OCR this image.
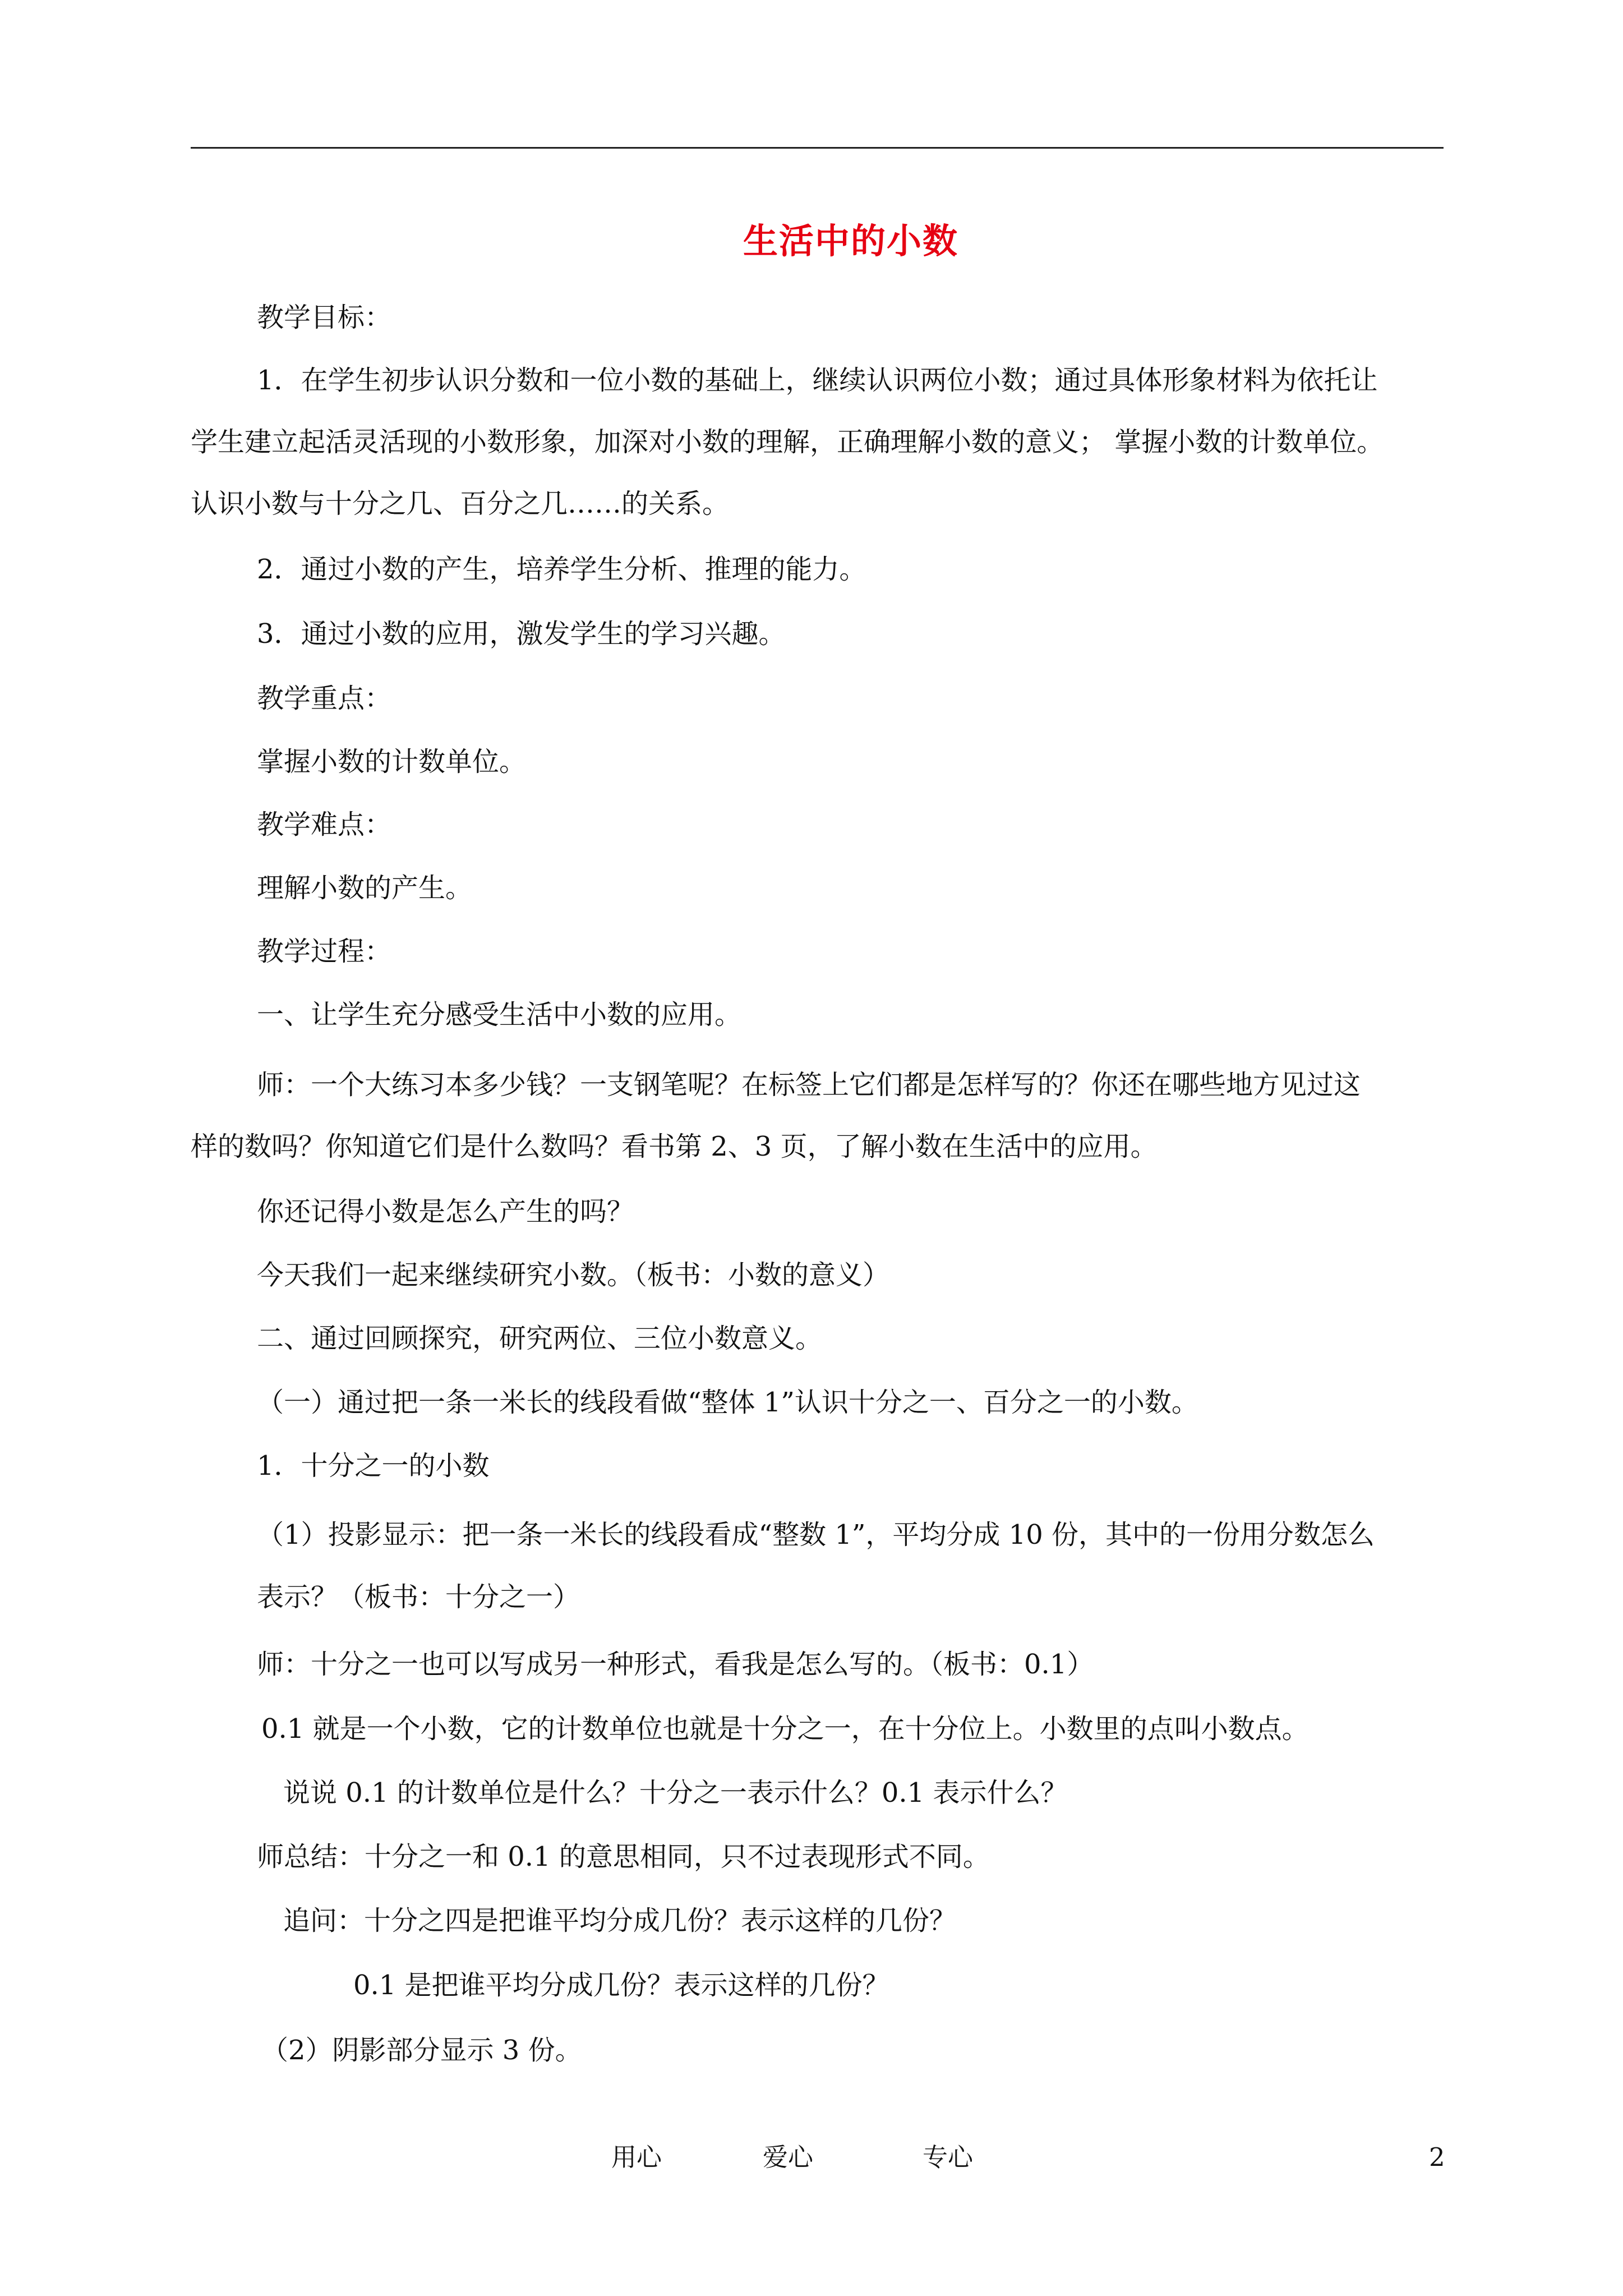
生活中的小数
教学目标：
1．在学生初步认识分数和一位小数的基础上，继续认识两位小数；通过具体形象材料为依托让
学生建立起活灵活现的小数形象，加深对小数的理解，正确理解小数的意义； 掌握小数的计数单位。
认识小数与十分之几、百分之几……的关系。
2．通过小数的产生，培养学生分析、推理的能力。
3．通过小数的应用，激发学生的学习兴趣。
教学重点：
掌握小数的计数单位。
教学难点：
理解小数的产生。
教学过程：
一、让学生充分感受生活中小数的应用。
师：一个大练习本多少钱？一支钢笔呢？在标签上它们都是怎样写的？你还在哪些地方见过这
样的数吗？你知道它们是什么数吗？看书第 2、3 页，了解小数在生活中的应用。
你还记得小数是怎么产生的吗？
今天我们一起来继续研究小数。（板书：小数的意义）
二、通过回顾探究，研究两位、三位小数意义。
（一）通过把一条一米长的线段看做“整体 1”认识十分之一、百分之一的小数。
1．十分之一的小数
（1）投影显示：把一条一米长的线段看成“整数 1”，平均分成 10 份，其中的一份用分数怎么
表示？（板书：十分之一）
师：十分之一也可以写成另一种形式，看我是怎么写的。（板书：0.1）
0.1 就是一个小数，它的计数单位也就是十分之一，在十分位上。小数里的点叫小数点。
说说 0.1 的计数单位是什么？十分之一表示什么？0.1 表示什么？
师总结：十分之一和 0.1 的意思相同，只不过表现形式不同。
追问：十分之四是把谁平均分成几份？表示这样的几份？
0.1 是把谁平均分成几份？表示这样的几份？
（2）阴影部分显示 3 份。
用心	爱心	专心	2
